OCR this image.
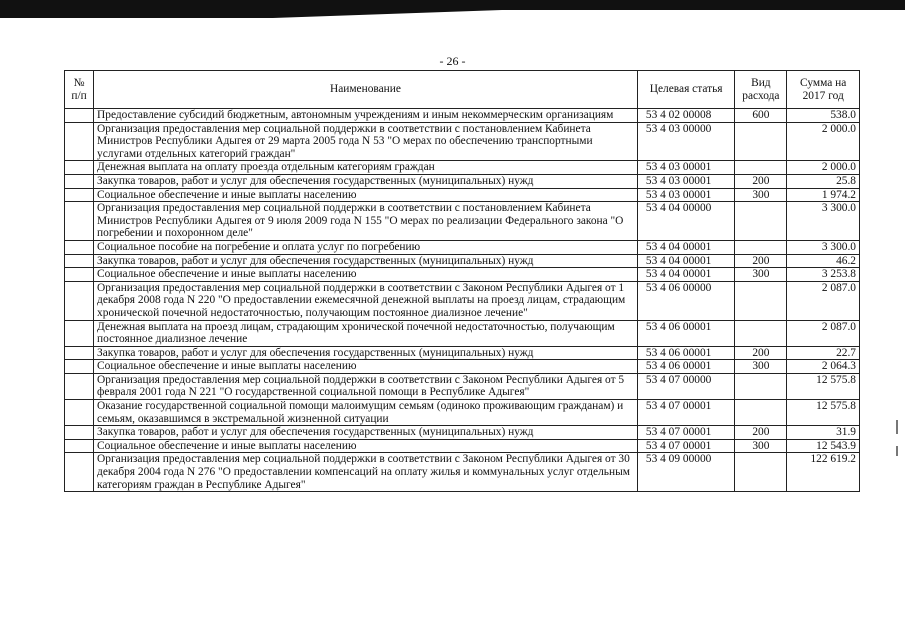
- 26 -
№ п/п	Наименование	Целевая статья	Вид расхода	Сумма на 2017 год
	Предоставление субсидий бюджетным, автономным учреждениям и иным некоммерческим организациям	53 4 02 00008	600	538.0
	Организация предоставления мер социальной поддержки в соответствии с постановлением Кабинета Министров Республики Адыгея от 29 марта 2005 года N 53 "О мерах по обеспечению транспортными услугами отдельных категорий граждан"	53 4 03 00000		2 000.0
	Денежная выплата на оплату проезда отдельным категориям граждан	53 4 03 00001		2 000.0
	Закупка товаров, работ и услуг для обеспечения государственных (муниципальных) нужд	53 4 03 00001	200	25.8
	Социальное обеспечение и иные выплаты населению	53 4 03 00001	300	1 974.2
	Организация предоставления мер социальной поддержки в соответствии с постановлением Кабинета Министров Республики Адыгея от 9 июля 2009 года N 155 "О мерах по реализации Федерального закона "О погребении и похоронном деле"	53 4 04 00000		3 300.0
	Социальное пособие на погребение и оплата услуг по погребению	53 4 04 00001		3 300.0
	Закупка товаров, работ и услуг для обеспечения государственных (муниципальных) нужд	53 4 04 00001	200	46.2
	Социальное обеспечение и иные выплаты населению	53 4 04 00001	300	3 253.8
	Организация предоставления мер социальной поддержки в соответствии с Законом Республики Адыгея от 1 декабря 2008 года N 220 "О предоставлении ежемесячной денежной выплаты на проезд лицам, страдающим хронической почечной недостаточностью, получающим постоянное диализное лечение"	53 4 06 00000		2 087.0
	Денежная выплата на проезд лицам, страдающим хронической почечной недостаточностью, получающим постоянное диализное лечение	53 4 06 00001		2 087.0
	Закупка товаров, работ и услуг для обеспечения государственных (муниципальных) нужд	53 4 06 00001	200	22.7
	Социальное обеспечение и иные выплаты населению	53 4 06 00001	300	2 064.3
	Организация предоставления мер социальной поддержки в соответствии с Законом Республики Адыгея от 5 февраля 2001 года N 221 "О государственной социальной помощи в Республике Адыгея"	53 4 07 00000		12 575.8
	Оказание государственной социальной помощи малоимущим семьям (одиноко проживающим гражданам) и семьям, оказавшимся в экстремальной жизненной ситуации	53 4 07 00001		12 575.8
	Закупка товаров, работ и услуг для обеспечения государственных (муниципальных) нужд	53 4 07 00001	200	31.9
	Социальное обеспечение и иные выплаты населению	53 4 07 00001	300	12 543.9
	Организация предоставления мер социальной поддержки в соответствии с Законом Республики Адыгея от 30 декабря 2004 года N 276 "О предоставлении компенсаций на оплату жилья и коммунальных услуг отдельным категориям граждан в Республике Адыгея"	53 4 09 00000		122 619.2
